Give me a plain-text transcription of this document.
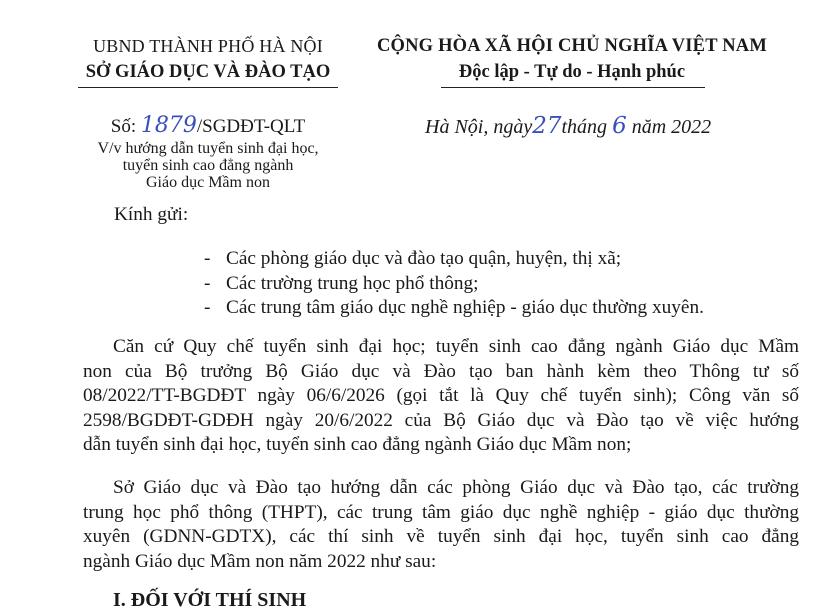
UBND THÀNH PHỐ HÀ NỘI
SỞ GIÁO DỤC VÀ ĐÀO TẠO
CỘNG HÒA XÃ HỘI CHỦ NGHĨA VIỆT NAM
Độc lập - Tự do - Hạnh phúc
Số: 1879/SGDĐT-QLT
V/v hướng dẫn tuyển sinh đại học,
tuyển sinh cao đẳng ngành
Giáo dục Mầm non
Hà Nội, ngày27tháng 6 năm 2022
Kính gửi:
- Các phòng giáo dục và đào tạo quận, huyện, thị xã;
- Các trường trung học phổ thông;
- Các trung tâm giáo dục nghề nghiệp - giáo dục thường xuyên.
Căn cứ Quy chế tuyển sinh đại học; tuyển sinh cao đẳng ngành Giáo dục Mầm
non của Bộ trưởng Bộ Giáo dục và Đào tạo ban hành kèm theo Thông tư số
08/2022/TT-BGDĐT ngày 06/6/2026 (gọi tắt là Quy chế tuyển sinh); Công văn số
2598/BGDĐT-GDĐH ngày 20/6/2022 của Bộ Giáo dục và Đào tạo về việc hướng
dẫn tuyển sinh đại học, tuyển sinh cao đẳng ngành Giáo dục Mầm non;
Sở Giáo dục và Đào tạo hướng dẫn các phòng Giáo dục và Đào tạo, các trường
trung học phổ thông (THPT), các trung tâm giáo dục nghề nghiệp - giáo dục thường
xuyên (GDNN-GDTX), các thí sinh về tuyển sinh đại học, tuyển sinh cao đẳng
ngành Giáo dục Mầm non năm 2022 như sau:
I. ĐỐI VỚI THÍ SINH
